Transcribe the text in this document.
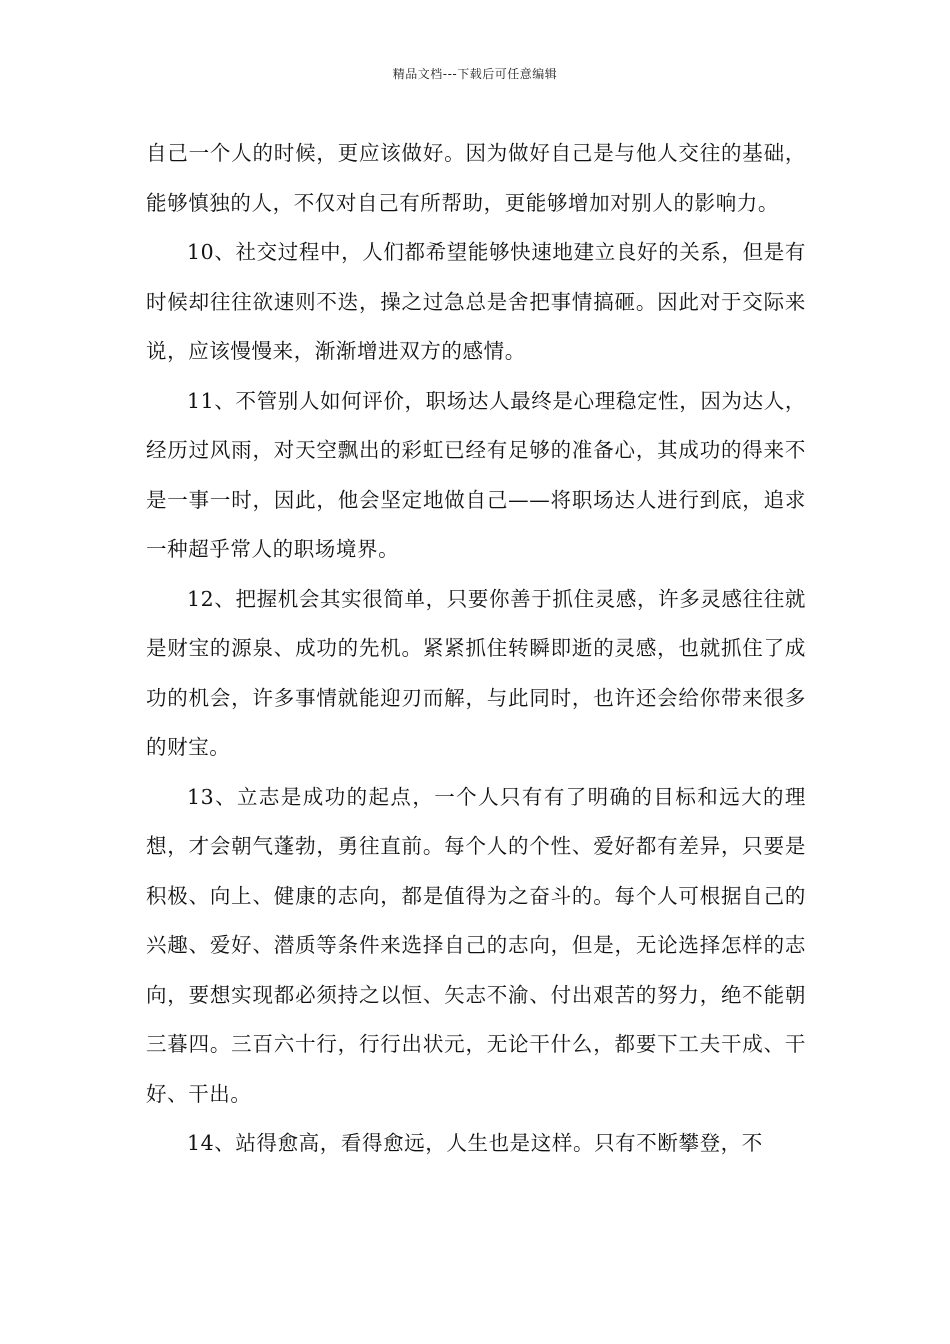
精品文档---下载后可任意编辑

自己一个人的时候，更应该做好。因为做好自己是与他人交往的基础，能够慎独的人，不仅对自己有所帮助，更能够增加对别人的影响力。

10、社交过程中，人们都希望能够快速地建立良好的关系，但是有时候却往往欲速则不迭，操之过急总是舍把事情搞砸。因此对于交际来说，应该慢慢来，渐渐增进双方的感情。

11、不管别人如何评价，职场达人最终是心理稳定性，因为达人，经历过风雨，对天空飘出的彩虹已经有足够的准备心，其成功的得来不是一事一时，因此，他会坚定地做自己——将职场达人进行到底，追求一种超乎常人的职场境界。

12、把握机会其实很简单，只要你善于抓住灵感，许多灵感往往就是财宝的源泉、成功的先机。紧紧抓住转瞬即逝的灵感，也就抓住了成功的机会，许多事情就能迎刃而解，与此同时，也许还会给你带来很多的财宝。

13、立志是成功的起点，一个人只有有了明确的目标和远大的理想，才会朝气蓬勃，勇往直前。每个人的个性、爱好都有差异，只要是积极、向上、健康的志向，都是值得为之奋斗的。每个人可根据自己的兴趣、爱好、潜质等条件来选择自己的志向，但是，无论选择怎样的志向，要想实现都必须持之以恒、矢志不渝、付出艰苦的努力，绝不能朝三暮四。三百六十行，行行出状元，无论干什么，都要下工夫干成、干好、干出。

14、站得愈高，看得愈远，人生也是这样。只有不断攀登，不
